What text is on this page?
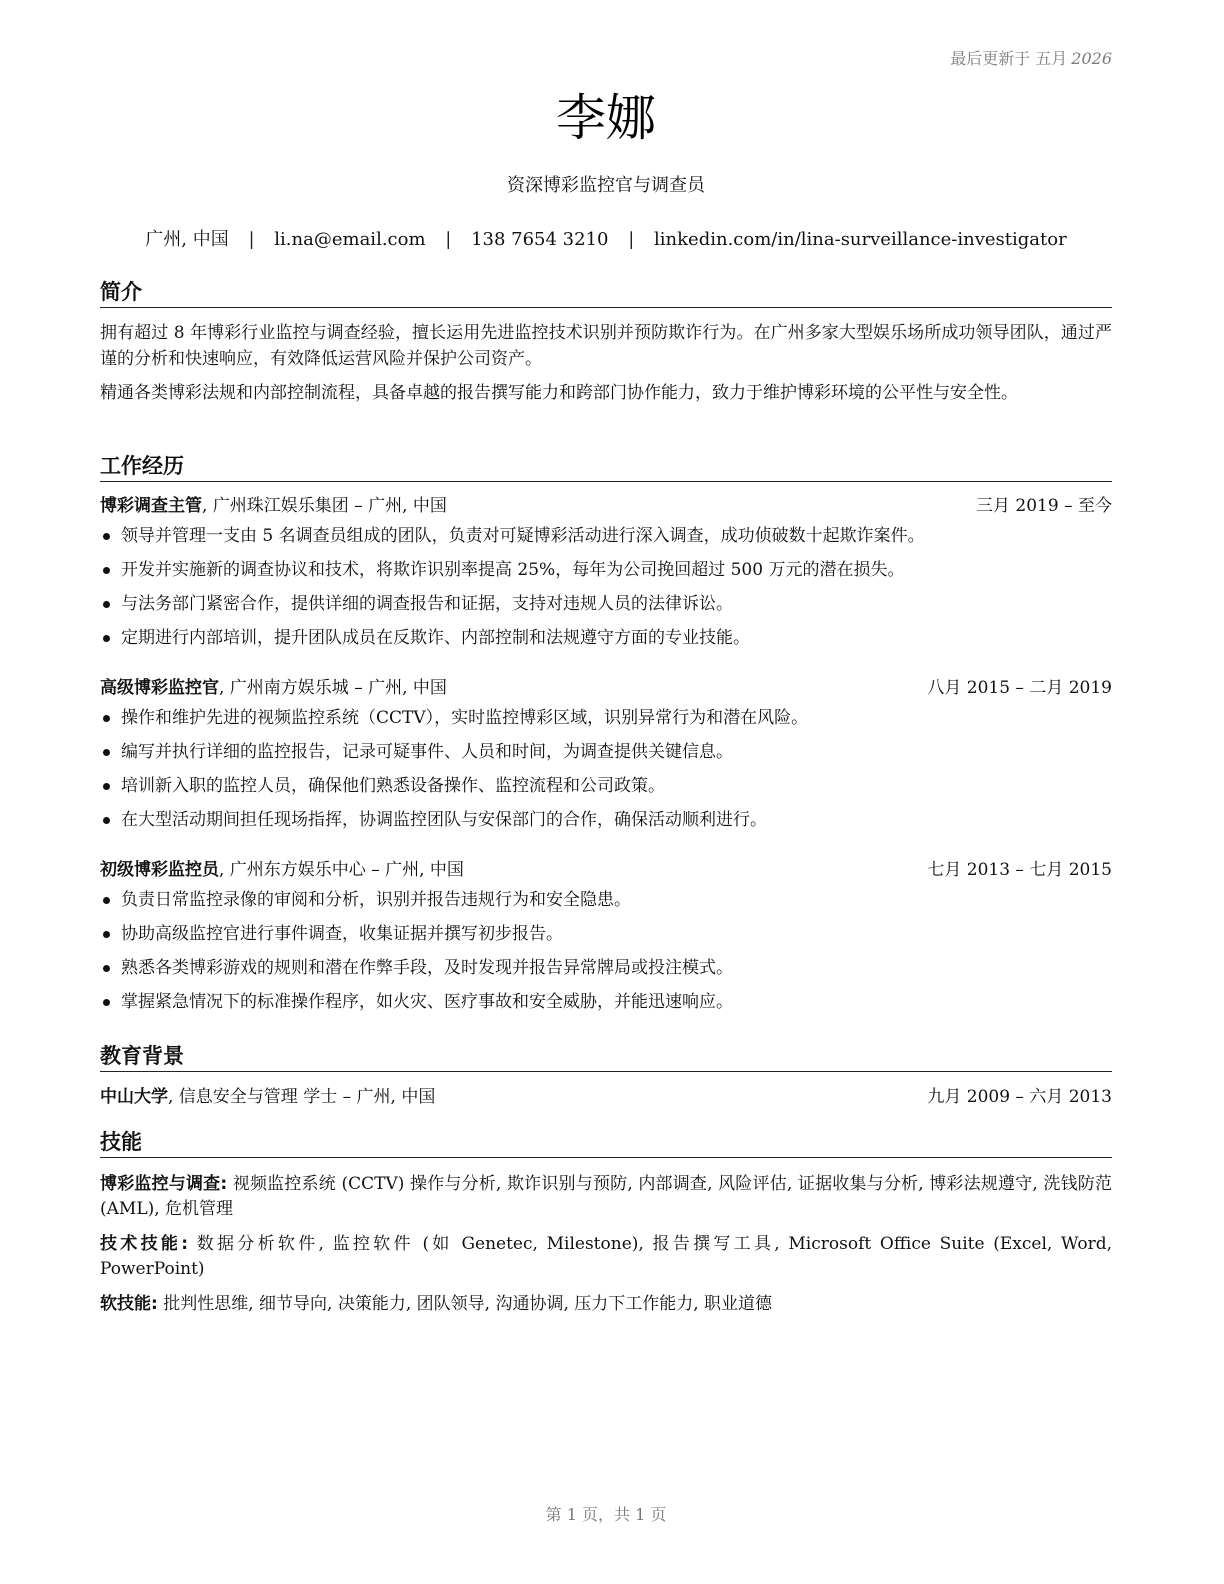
最后更新于 五月 2026
李娜
资深博彩监控官与调查员
广州, 中国 | li.na@email.com | 138 7654 3210 | linkedin.com/in/lina-surveillance-investigator
简介

拥有超过 8 年博彩行业监控与调查经验，擅长运用先进监控技术识别并预防欺诈行为。在广州多家大型娱乐场所成功领导团队，通过严谨的分析和快速响应，有效降低运营风险并保护公司资产。

精通各类博彩法规和内部控制流程，具备卓越的报告撰写能力和跨部门协作能力，致力于维护博彩环境的公平性与安全性。

工作经历
博彩调查主管, 广州珠江娱乐集团 – 广州, 中国	三月 2019 – 至今
领导并管理一支由 5 名调查员组成的团队，负责对可疑博彩活动进行深入调查，成功侦破数十起欺诈案件。
开发并实施新的调查协议和技术，将欺诈识别率提高 25%，每年为公司挽回超过 500 万元的潜在损失。
与法务部门紧密合作，提供详细的调查报告和证据，支持对违规人员的法律诉讼。
定期进行内部培训，提升团队成员在反欺诈、内部控制和法规遵守方面的专业技能。
高级博彩监控官, 广州南方娱乐城 – 广州, 中国	八月 2015 – 二月 2019
操作和维护先进的视频监控系统（CCTV），实时监控博彩区域，识别异常行为和潜在风险。
编写并执行详细的监控报告，记录可疑事件、人员和时间，为调查提供关键信息。
培训新入职的监控人员，确保他们熟悉设备操作、监控流程和公司政策。
在大型活动期间担任现场指挥，协调监控团队与安保部门的合作，确保活动顺利进行。
初级博彩监控员, 广州东方娱乐中心 – 广州, 中国	七月 2013 – 七月 2015
负责日常监控录像的审阅和分析，识别并报告违规行为和安全隐患。
协助高级监控官进行事件调查，收集证据并撰写初步报告。
熟悉各类博彩游戏的规则和潜在作弊手段，及时发现并报告异常牌局或投注模式。
掌握紧急情况下的标准操作程序，如火灾、医疗事故和安全威胁，并能迅速响应。
教育背景
中山大学, 信息安全与管理 学士 – 广州, 中国	九月 2009 – 六月 2013
技能

博彩监控与调查: 视频监控系统 (CCTV) 操作与分析, 欺诈识别与预防, 内部调查, 风险评估, 证据收集与分析, 博彩法规遵守, 洗钱防范 (AML), 危机管理

技术技能: 数据分析软件, 监控软件 (如 Genetec, Milestone), 报告撰写工具, Microsoft Office Suite (Excel, Word, PowerPoint)

软技能: 批判性思维, 细节导向, 决策能力, 团队领导, 沟通协调, 压力下工作能力, 职业道德

第 1 页，共 1 页
